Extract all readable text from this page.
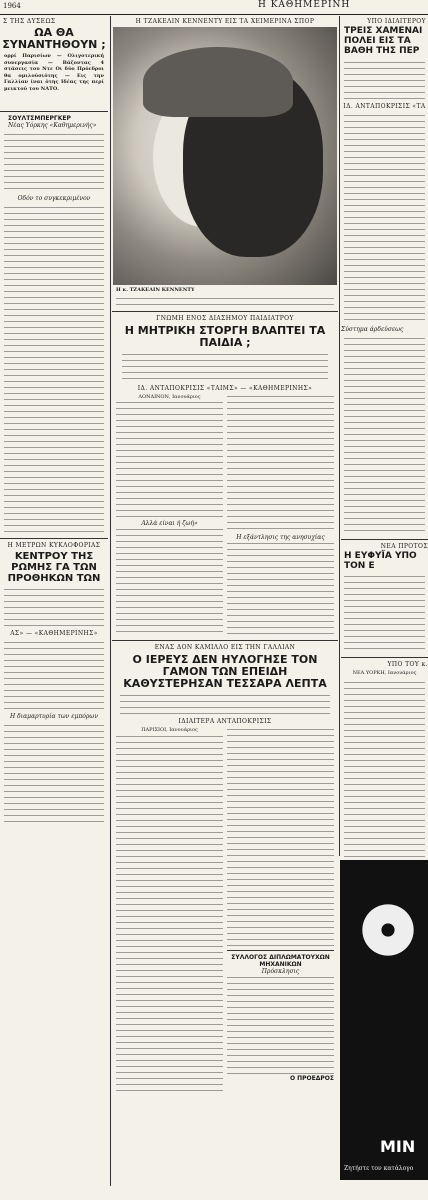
1964	Η ΚΑΘΗΜΕΡΙΝΗ
Σ ΤΗΣ ΔΥΣΕΩΣ
ΩΑ ΘΑ ΣΥΝΑΝΤΗΘΟΥΝ ;
ορρί Παρισίων — Ολιγοτερική συνεργασία — Βάζοντας 4 στάσεις του Ντε Οι δύο Πρόεδροι θα ομιλούσιότης — Εις την Γαλλίαν ίναι ότης Ιδέας της περί μεικτού του ΝΑΤΟ.
ΣΟΥΛΤΣΜΠΕΡΓΚΕΡ
Νέας Υόρκης «Καθημερινής»
Οδόν το συγκεκριμένον
Η ΜΕΤΡΩΝ ΚΥΚΛΟΦΟΡΙΑΣ
ΚΕΝΤΡΟΥ ΤΗΣ ΡΩΜΗΣ ΓΑ ΤΩΝ ΠΡΟΘΗΚΩΝ ΤΩΝ
ΑΣ» — «ΚΑΘΗΜΕΡΙΝΗΣ»
Η διαμαρτυρία των εμπόρων
Η ΤΖΑΚΕΛΙΝ ΚΕΝΝΕΝΤΥ ΕΙΣ ΤΑ ΧΕΙΜΕΡΙΝΑ ΣΠΟΡ
Η κ. ΤΖΑΚΕΛΙΝ ΚΕΝΝΕΝΤΥ
ΓΝΩΜΗ ΕΝΟΣ ΔΙΑΣΗΜΟΥ ΠΑΙΔΙΑΤΡΟΥ
Η ΜΗΤΡΙΚΗ ΣΤΟΡΓΗ ΒΛΑΠΤΕΙ ΤΑ ΠΑΙΔΙΑ ;
ΙΔ. ΑΝΤΑΠΟΚΡΙΣΙΣ «ΤΑΙΜΣ» — «ΚΑΘΗΜΕΡΙΝΗΣ»
ΛΟΝΔΙΝΟΝ, Ιανουάριος
Αλλά είναι ή ζωή»
Η εξάντλησις της ανησυχίας
ΕΝΑΣ ΔΟΝ ΚΑΜΙΛΛΟ ΕΙΣ ΤΗΝ ΓΑΛΛΙΑΝ
Ο ΙΕΡΕΥΣ ΔΕΝ ΗΥΛΟΓΗΣΕ ΤΟΝ ΓΑΜΟΝ ΤΩΝ ΕΠΕΙΔΗ ΚΑΘΥΣΤΕΡΗΣΑΝ ΤΕΣΣΑΡΑ ΛΕΠΤΑ
ΙΔΙΑΙΤΕΡΑ ΑΝΤΑΠΟΚΡΙΣΙΣ
ΠΑΡΙΣΙΟΙ, Ιανουάριος
ΣΥΛΛΟΓΟΣ ΔΙΠΛΩΜΑΤΟΥΧΩΝ ΜΗΧΑΝΙΚΩΝ
Πρόσκλησις
Ο ΠΡΟΕΔΡΟΣ
ΥΠΟ ΙΔΙΑΙΤΕΡΟΥ
ΤΡΕΙΣ ΧΑΜΕΝΑΙ ΠΟΛΕΙ ΕΙΣ ΤΑ ΒΑΘΗ ΤΗΣ ΠΕΡ
ΙΔ. ΑΝΤΑΠΟΚΡΙΣΙΣ «ΤΑ
Σύστημα άρδεύσεως
ΝΕΑ ΠΡΟΤΟΣ
Η ΕΥΦΥΪΑ ΥΠΟ ΤΟΝ Ε
ΥΠΟ ΤΟΥ κ.
ΝΕΑ ΥΟΡΚΗ, Ιανουάριος
Ζητήστε τον κατάλογο
ΜΙΝ
